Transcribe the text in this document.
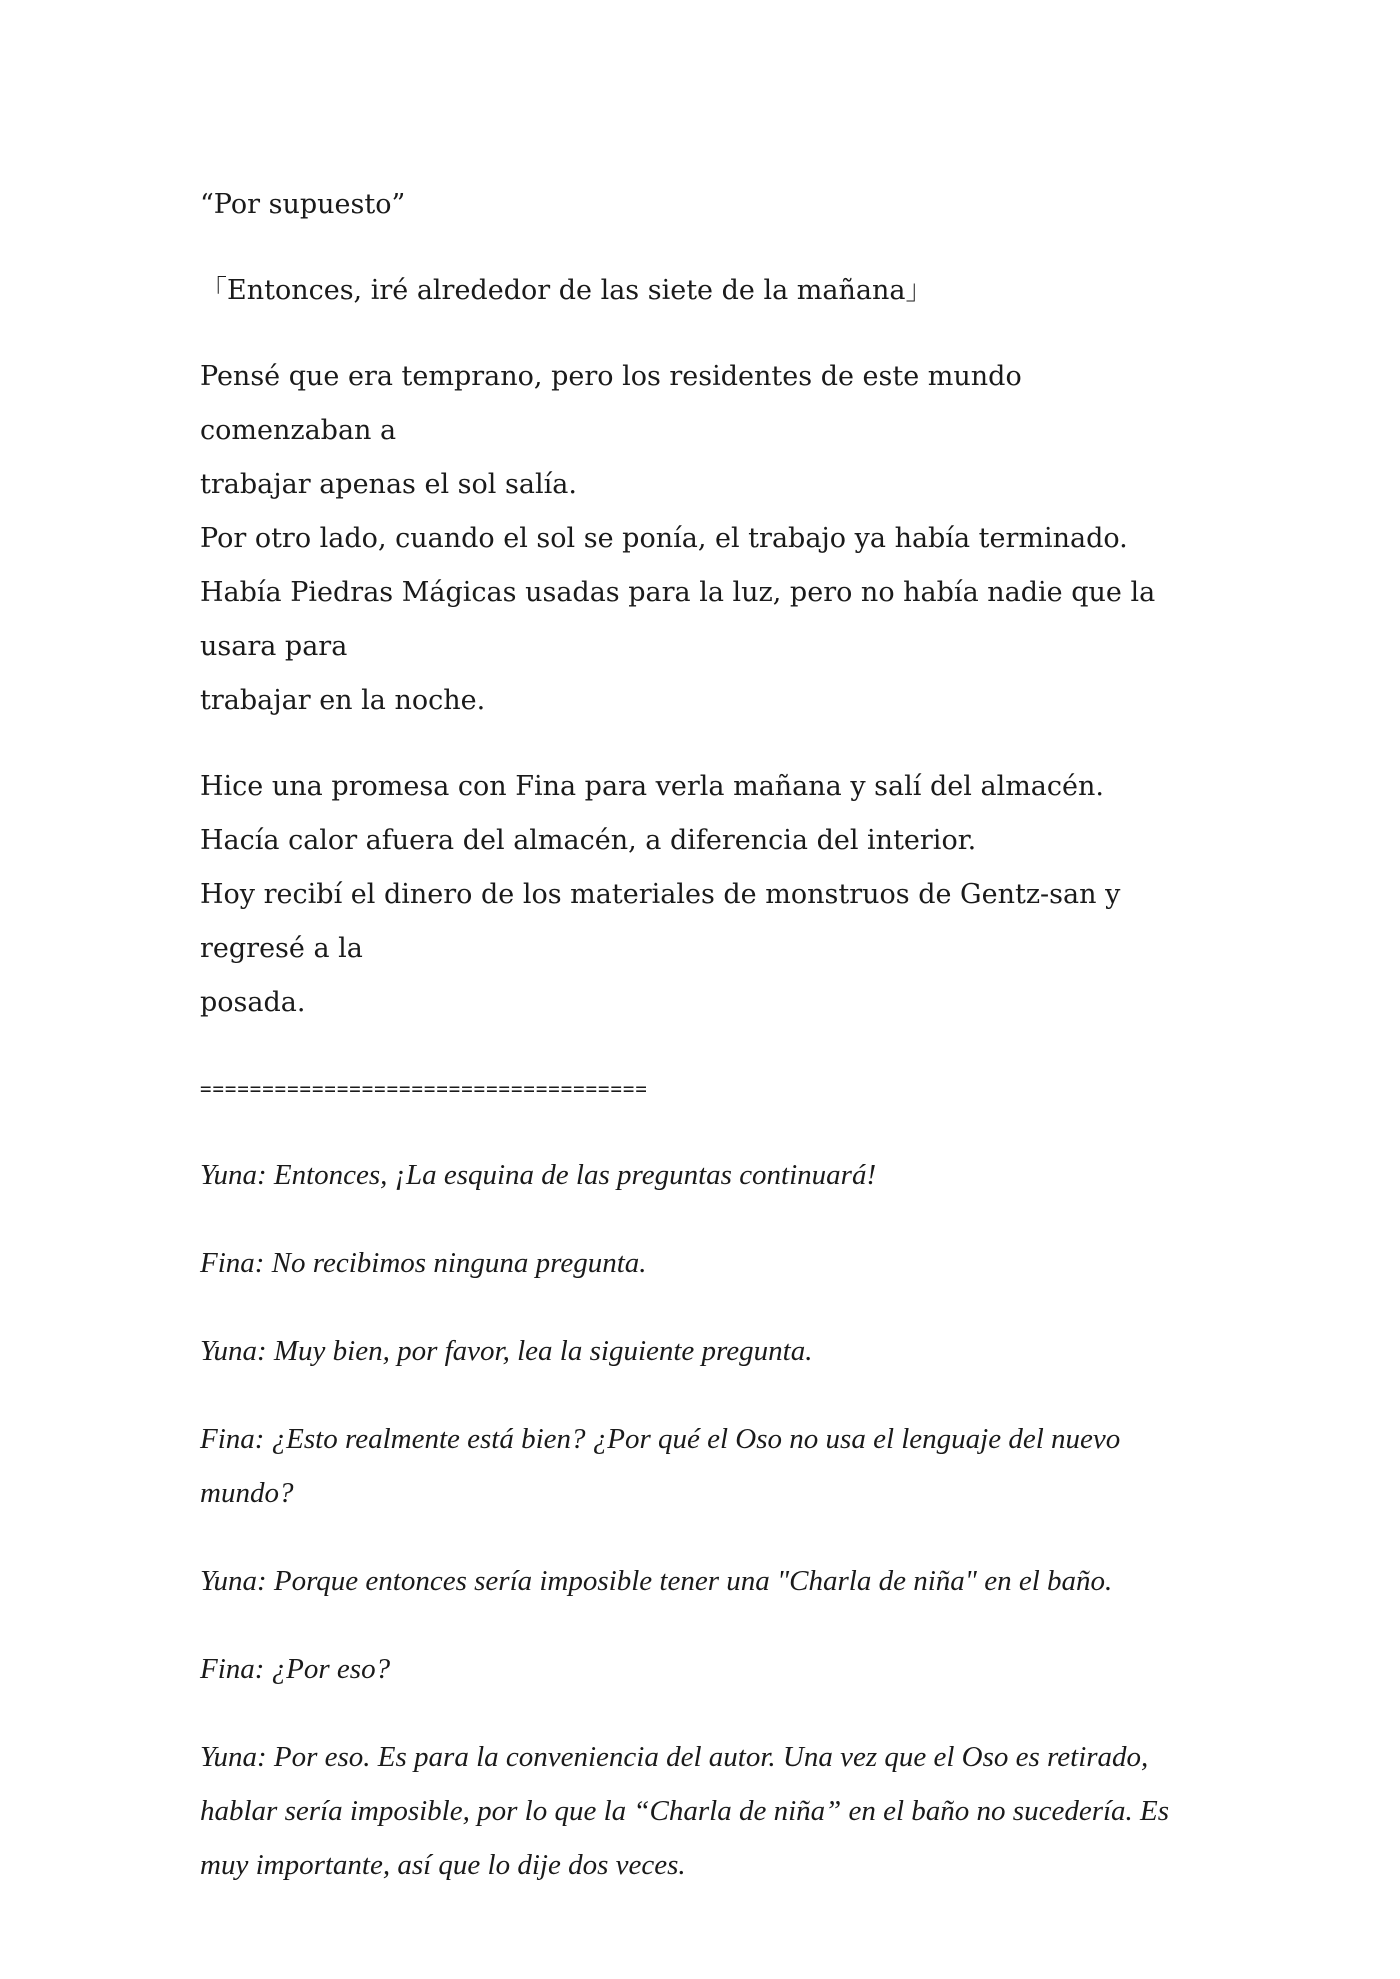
“Por supuesto”

「Entonces, iré alrededor de las siete de la mañana」

Pensé que era temprano, pero los residentes de este mundo comenzaban a

trabajar apenas el sol salía.

Por otro lado, cuando el sol se ponía, el trabajo ya había terminado.

Había Piedras Mágicas usadas para la luz, pero no había nadie que la usara para

trabajar en la noche.

Hice una promesa con Fina para verla mañana y salí del almacén.

Hacía calor afuera del almacén, a diferencia del interior.

Hoy recibí el dinero de los materiales de monstruos de Gentz-san y regresé a la

posada.

====================================

Yuna: Entonces, ¡La esquina de las preguntas continuará!

Fina: No recibimos ninguna pregunta.

Yuna: Muy bien, por favor, lea la siguiente pregunta.

Fina: ¿Esto realmente está bien? ¿Por qué el Oso no usa el lenguaje del nuevo

mundo?

Yuna: Porque entonces sería imposible tener una "Charla de niña" en el baño.

Fina: ¿Por eso?

Yuna: Por eso. Es para la conveniencia del autor. Una vez que el Oso es retirado,

hablar sería imposible, por lo que la “Charla de niña” en el baño no sucedería. Es

muy importante, así que lo dije dos veces.
